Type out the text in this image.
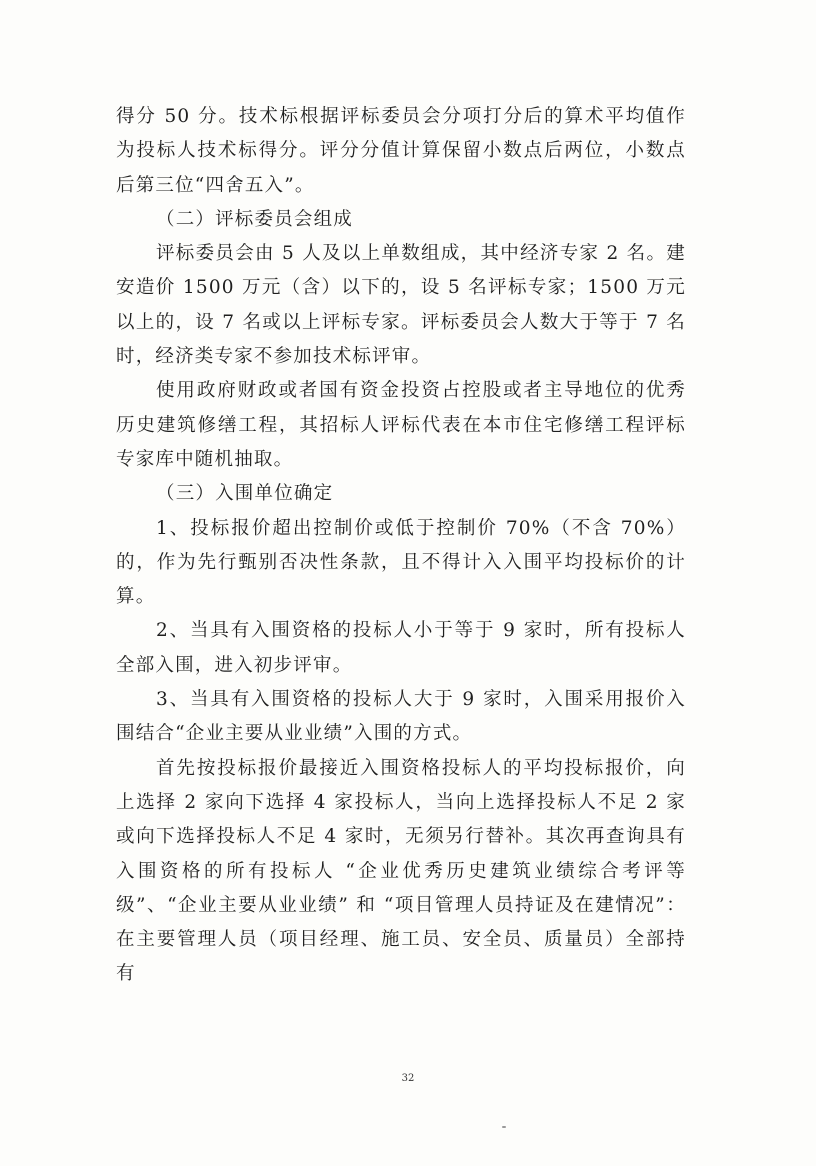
得分 50 分。技术标根据评标委员会分项打分后的算术平均值作为投标人技术标得分。评分分值计算保留小数点后两位，小数点后第三位“四舍五入”。

（二）评标委员会组成

评标委员会由 5 人及以上单数组成，其中经济专家 2 名。建安造价 1500 万元（含）以下的，设 5 名评标专家；1500 万元以上的，设 7 名或以上评标专家。评标委员会人数大于等于 7 名时，经济类专家不参加技术标评审。

使用政府财政或者国有资金投资占控股或者主导地位的优秀历史建筑修缮工程，其招标人评标代表在本市住宅修缮工程评标专家库中随机抽取。

（三）入围单位确定

1、投标报价超出控制价或低于控制价 70%（不含 70%）的，作为先行甄别否决性条款，且不得计入入围平均投标价的计算。

2、当具有入围资格的投标人小于等于 9 家时，所有投标人全部入围，进入初步评审。

3、当具有入围资格的投标人大于 9 家时，入围采用报价入围结合“企业主要从业业绩”入围的方式。

首先按投标报价最接近入围资格投标人的平均投标报价，向上选择 2 家向下选择 4 家投标人，当向上选择投标人不足 2 家或向下选择投标人不足 4 家时，无须另行替补。其次再查询具有入围资格的所有投标人 “企业优秀历史建筑业绩综合考评等级”、“企业主要从业业绩” 和 “项目管理人员持证及在建情况”：在主要管理人员（项目经理、施工员、安全员、质量员）全部持有

32
